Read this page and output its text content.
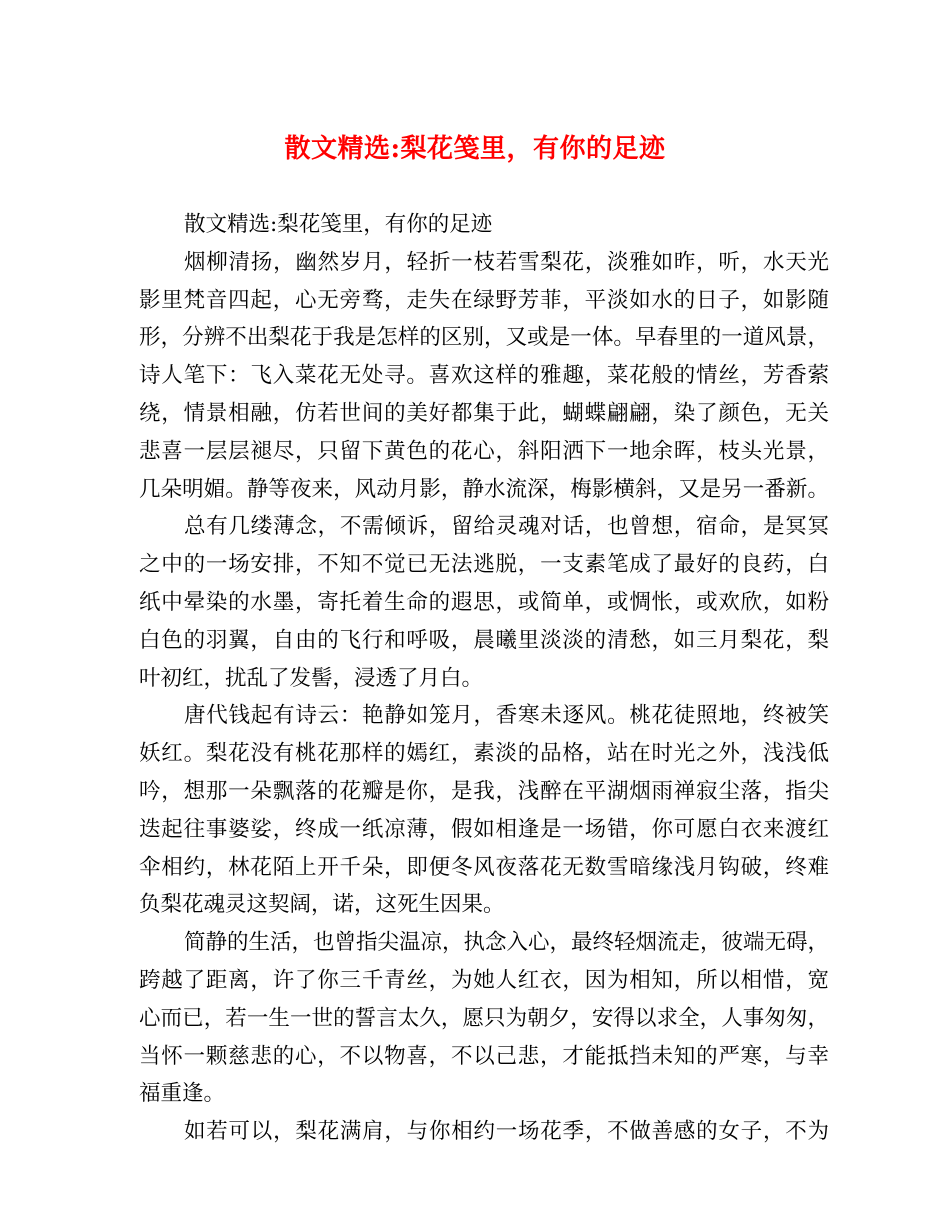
散文精选:梨花笺里，有你的足迹
散文精选:梨花笺里，有你的足迹
烟柳清扬，幽然岁月，轻折一枝若雪梨花，淡雅如昨，听，水天光
影里梵音四起，心无旁骛，走失在绿野芳菲，平淡如水的日子，如影随
形，分辨不出梨花于我是怎样的区别，又或是一体。早春里的一道风景，
诗人笔下：飞入菜花无处寻。喜欢这样的雅趣，菜花般的情丝，芳香萦
绕，情景相融，仿若世间的美好都集于此，蝴蝶翩翩，染了颜色，无关
悲喜一层层褪尽，只留下黄色的花心，斜阳洒下一地余晖，枝头光景，
几朵明媚。静等夜来，风动月影，静水流深，梅影横斜，又是另一番新。
总有几缕薄念，不需倾诉，留给灵魂对话，也曾想，宿命，是冥冥
之中的一场安排，不知不觉已无法逃脱，一支素笔成了最好的良药，白
纸中晕染的水墨，寄托着生命的遐思，或简单，或惆怅，或欢欣，如粉
白色的羽翼，自由的飞行和呼吸，晨曦里淡淡的清愁，如三月梨花，梨
叶初红，扰乱了发髻，浸透了月白。
唐代钱起有诗云：艳静如笼月，香寒未逐风。桃花徒照地，终被笑
妖红。梨花没有桃花那样的嫣红，素淡的品格，站在时光之外，浅浅低
吟，想那一朵飘落的花瓣是你，是我，浅醉在平湖烟雨禅寂尘落，指尖
迭起往事婆娑，终成一纸凉薄，假如相逢是一场错，你可愿白衣来渡红
伞相约，林花陌上开千朵，即便冬风夜落花无数雪暗缘浅月钩破，终难
负梨花魂灵这契阔，诺，这死生因果。
简静的生活，也曾指尖温凉，执念入心，最终轻烟流走，彼端无碍，
跨越了距离，许了你三千青丝，为她人红衣，因为相知，所以相惜，宽
心而已，若一生一世的誓言太久，愿只为朝夕，安得以求全，人事匆匆，
当怀一颗慈悲的心，不以物喜，不以己悲，才能抵挡未知的严寒，与幸
福重逢。
如若可以，梨花满肩，与你相约一场花季，不做善感的女子，不为
